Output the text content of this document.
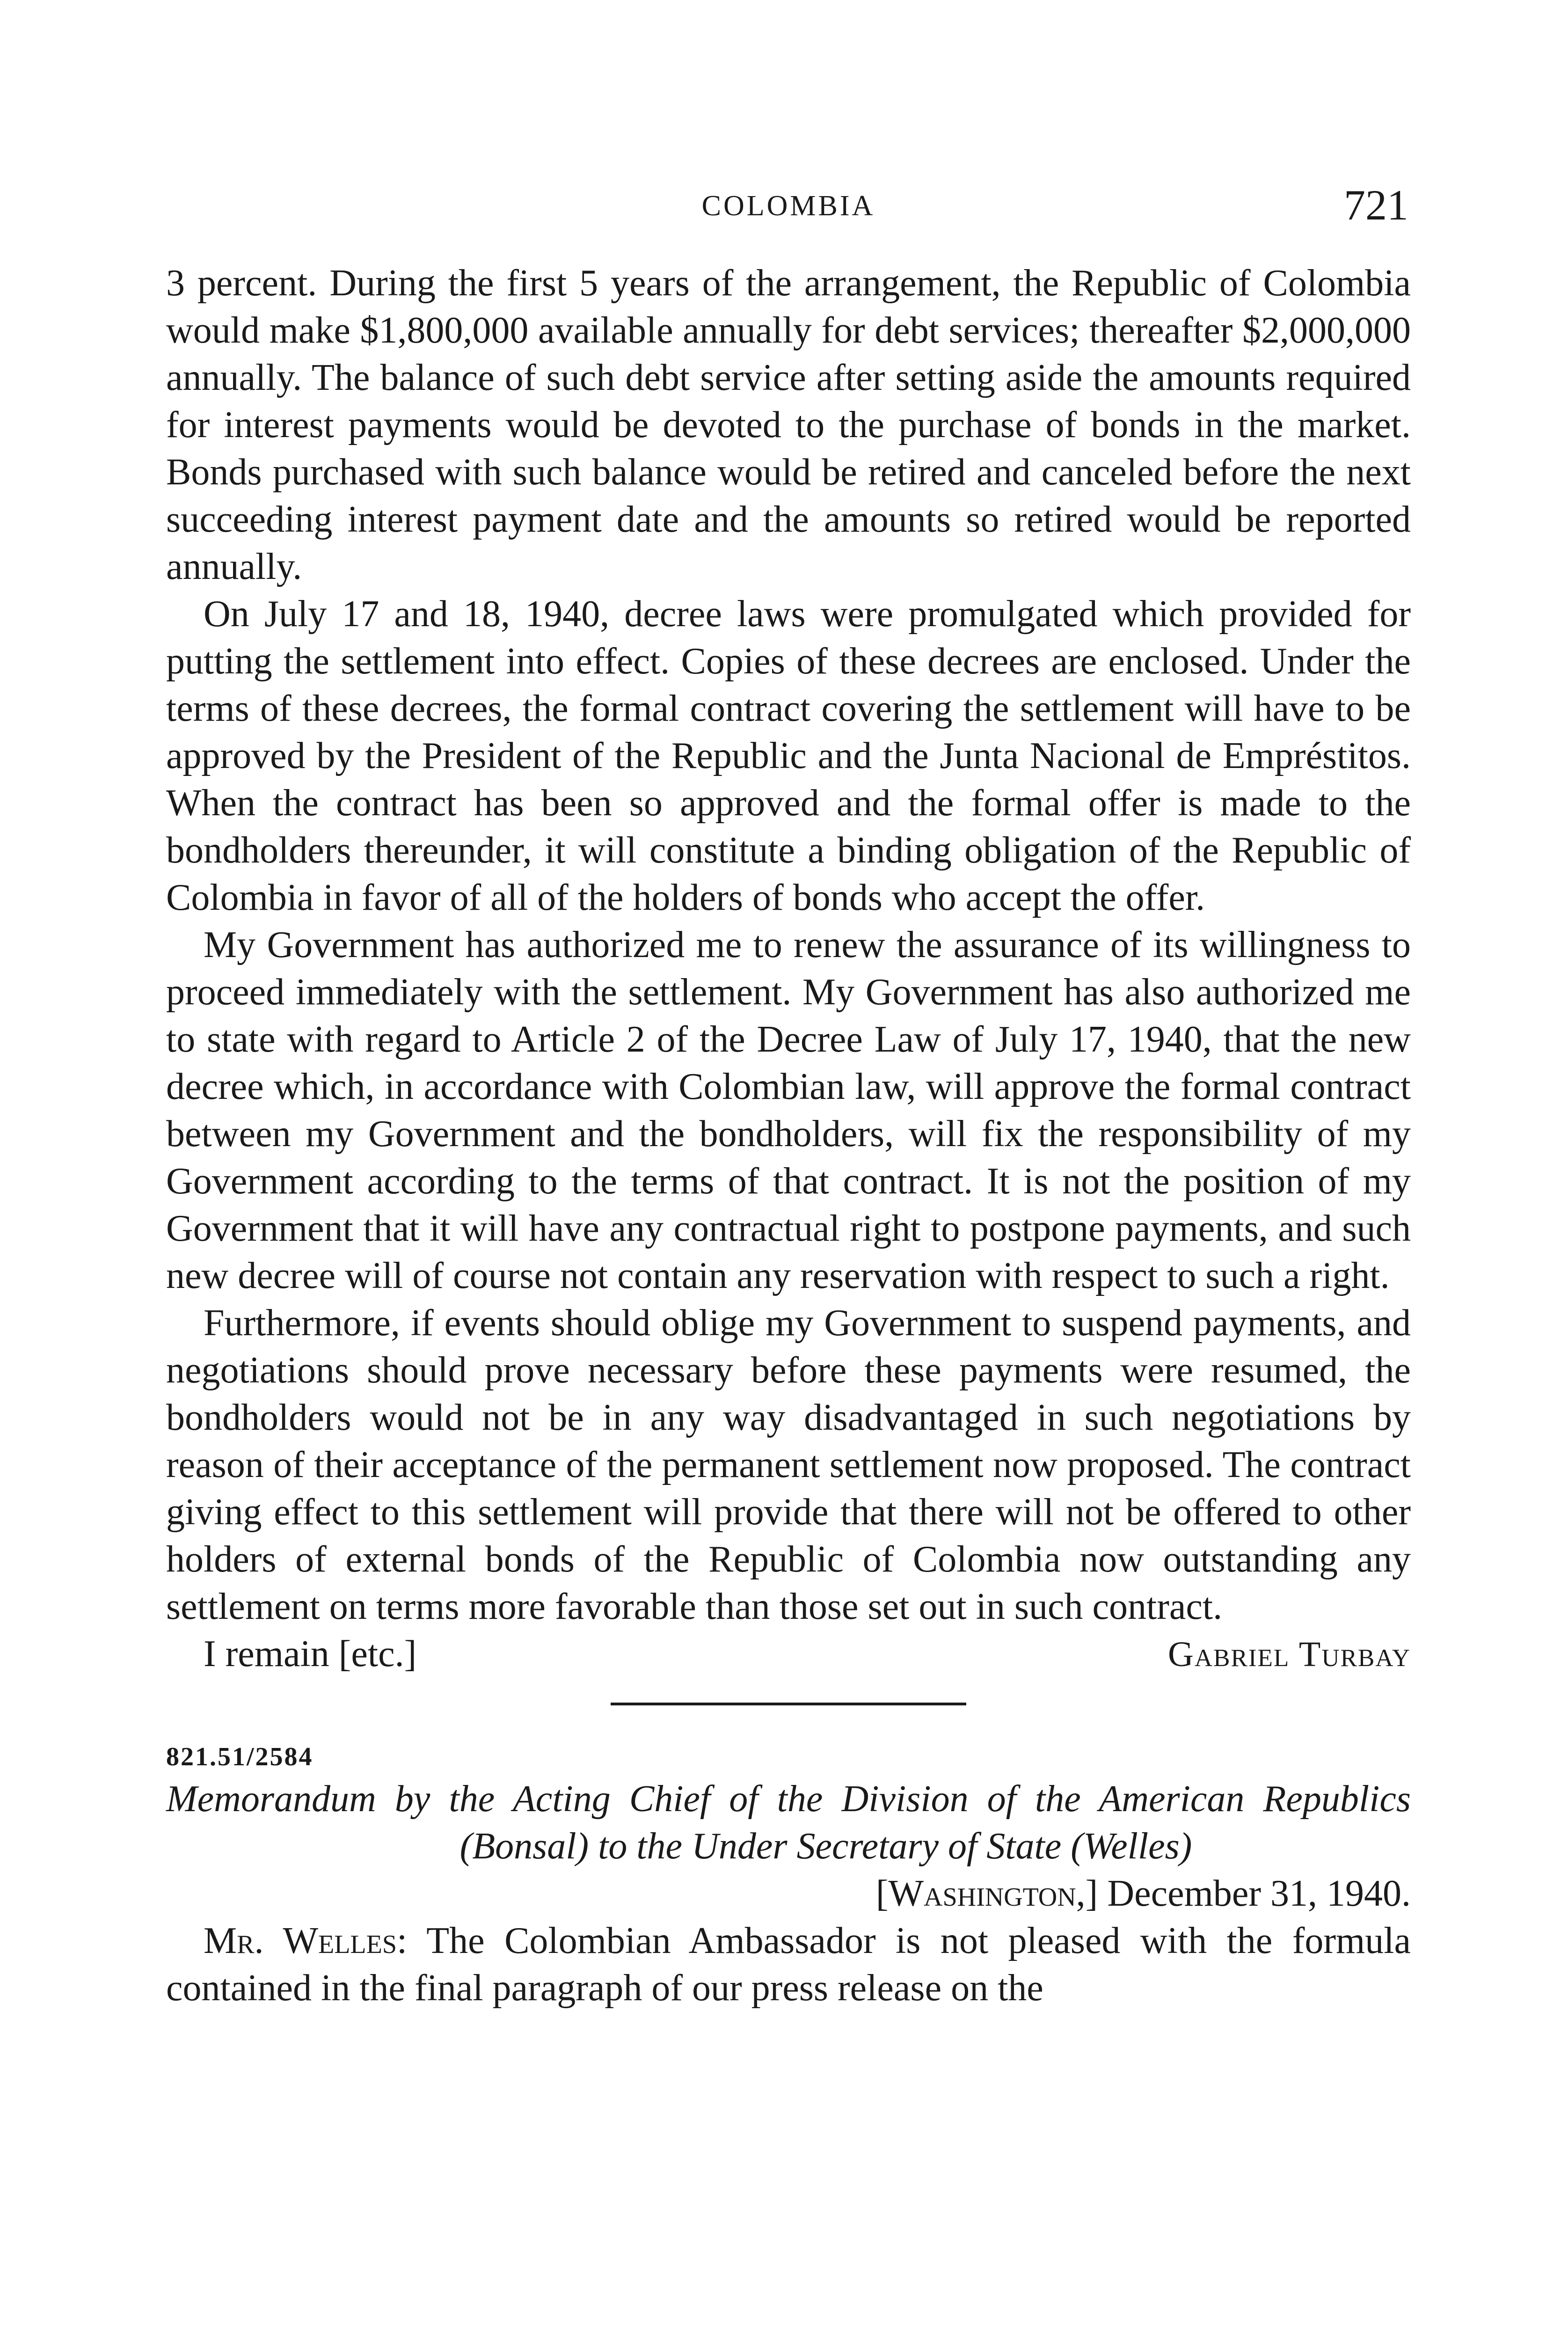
COLOMBIA	721

3 percent. During the first 5 years of the arrangement, the Republic of Colombia would make $1,800,000 available annually for debt services; thereafter $2,000,000 annually. The balance of such debt service after setting aside the amounts required for interest payments would be devoted to the purchase of bonds in the market. Bonds purchased with such balance would be retired and canceled before the next succeeding interest payment date and the amounts so retired would be reported annually.

On July 17 and 18, 1940, decree laws were promulgated which provided for putting the settlement into effect. Copies of these decrees are enclosed. Under the terms of these decrees, the formal contract covering the settlement will have to be approved by the President of the Republic and the Junta Nacional de Empréstitos. When the contract has been so approved and the formal offer is made to the bondholders thereunder, it will constitute a binding obligation of the Republic of Colombia in favor of all of the holders of bonds who accept the offer.

My Government has authorized me to renew the assurance of its willingness to proceed immediately with the settlement. My Government has also authorized me to state with regard to Article 2 of the Decree Law of July 17, 1940, that the new decree which, in accordance with Colombian law, will approve the formal contract between my Government and the bondholders, will fix the responsibility of my Government according to the terms of that contract. It is not the position of my Government that it will have any contractual right to postpone payments, and such new decree will of course not contain any reservation with respect to such a right.

Furthermore, if events should oblige my Government to suspend payments, and negotiations should prove necessary before these payments were resumed, the bondholders would not be in any way disadvantaged in such negotiations by reason of their acceptance of the permanent settlement now proposed. The contract giving effect to this settlement will provide that there will not be offered to other holders of external bonds of the Republic of Colombia now outstanding any settlement on terms more favorable than those set out in such contract.

I remain [etc.]	Gabriel Turbay

821.51/2584

Memorandum by the Acting Chief of the Division of the American Republics (Bonsal) to the Under Secretary of State (Welles)

[Washington,] December 31, 1940.

Mr. Welles: The Colombian Ambassador is not pleased with the formula contained in the final paragraph of our press release on the
